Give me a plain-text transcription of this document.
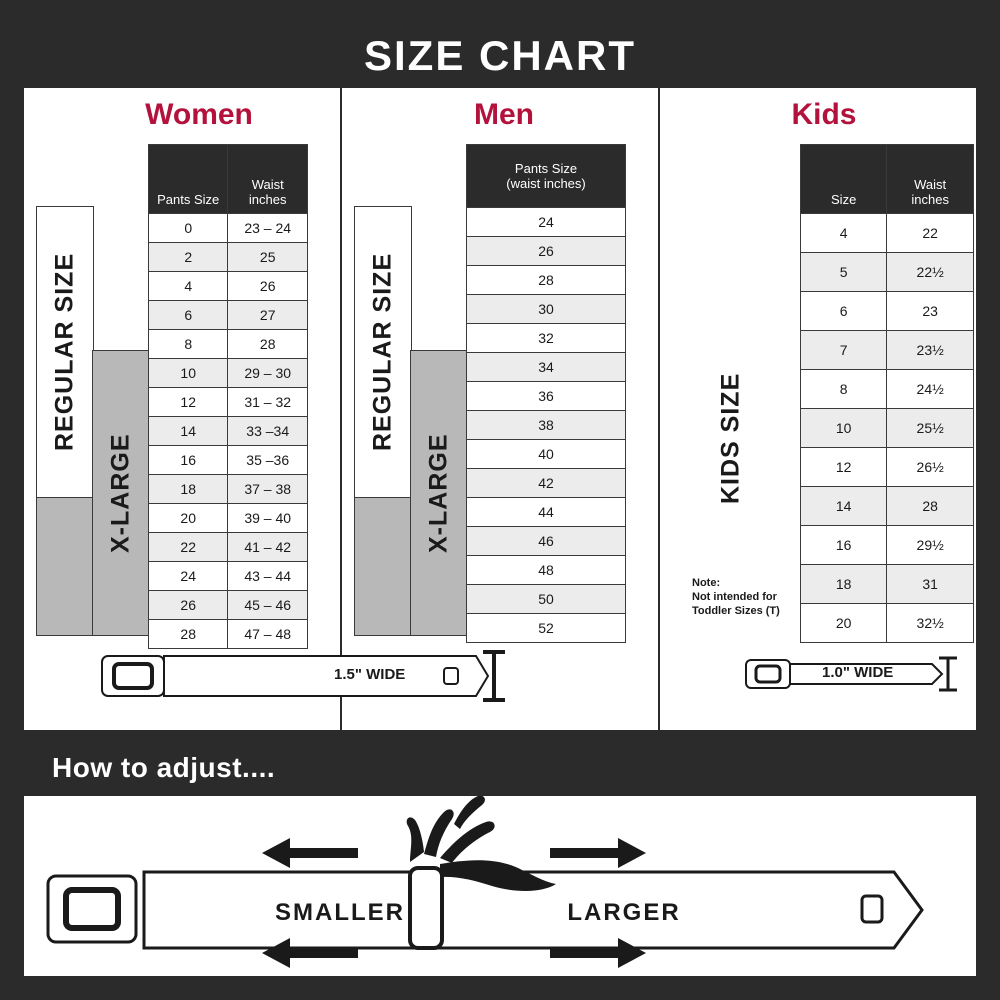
SIZE CHART
Women
REGULAR SIZE
X-LARGE
Pants Size	Waist
inches

0	23 – 24
2	25
4	26
6	27
8	28
10	29 – 30
12	31 – 32
14	33 –34
16	35 –36
18	37 – 38
20	39 – 40
22	41 – 42
24	43 – 44
26	45 – 46
28	47 – 48
1.5" WIDE
Men
REGULAR SIZE
X-LARGE
Pants Size
(waist inches)

24
26
28
30
32
34
36
38
40
42
44
46
48
50
52
Kids
KIDS SIZE
Size	Waist
inches

4	22
5	22½
6	23
7	23½
8	24½
10	25½
12	26½
14	28
16	29½
18	31
20	32½
Note:
Not intended for
Toddler Sizes (T)
1.0" WIDE
How to adjust....
SMALLER	LARGER
